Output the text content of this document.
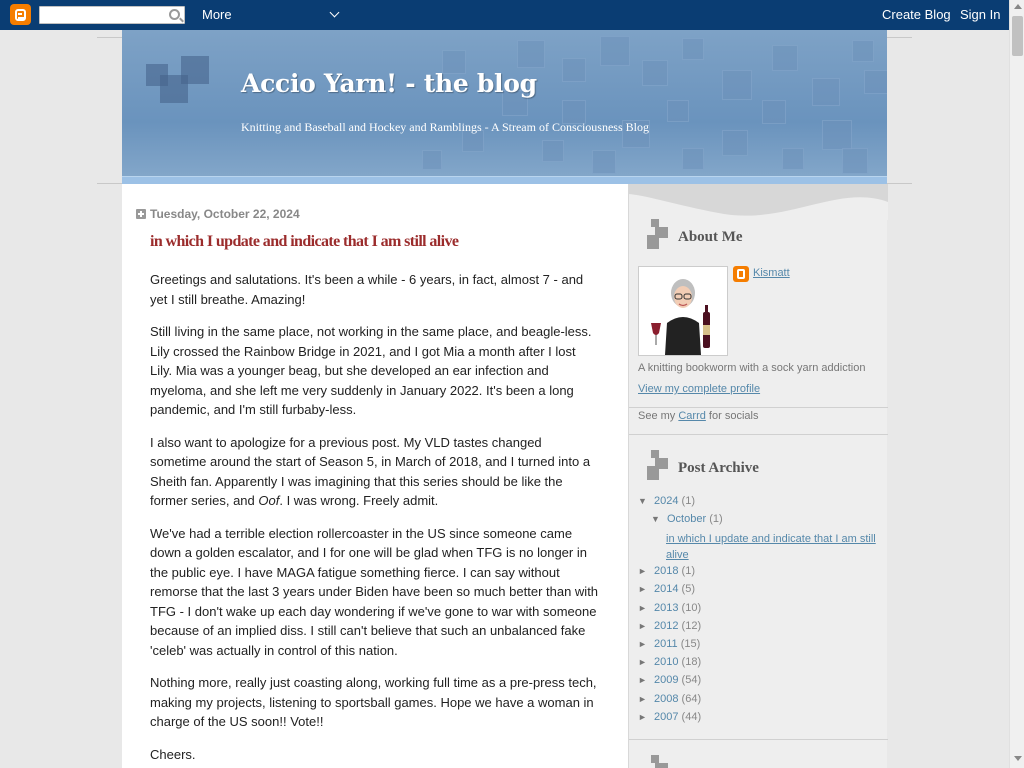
More	Create Blog Sign In
Accio Yarn! - the blog
Knitting and Baseball and Hockey and Ramblings - A Stream of Consciousness Blog
Tuesday, October 22, 2024
in which I update and indicate that I am still alive

Greetings and salutations. It's been a while - 6 years, in fact, almost 7 - and yet I still breathe. Amazing!

Still living in the same place, not working in the same place, and beagle-less. Lily crossed the Rainbow Bridge in 2021, and I got Mia a month after I lost Lily. Mia was a younger beag, but she developed an ear infection and myeloma, and she left me very suddenly in January 2022. It's been a long pandemic, and I'm still furbaby-less.

I also want to apologize for a previous post. My VLD tastes changed sometime around the start of Season 5, in March of 2018, and I turned into a Sheith fan. Apparently I was imagining that this series should be like the former series, and Oof. I was wrong. Freely admit.

We've had a terrible election rollercoaster in the US since someone came down a golden escalator, and I for one will be glad when TFG is no longer in the public eye. I have MAGA fatigue something fierce. I can say without remorse that the last 3 years under Biden have been so much better than with TFG - I don't wake up each day wondering if we've gone to war with someone because of an implied diss. I still can't believe that such an unbalanced fake 'celeb' was actually in control of this nation.

Nothing more, really just coasting along, working full time as a pre-press tech, making my projects, listening to sportsball games. Hope we have a woman in charge of the US soon!! Vote!!

Cheers.

About Me
Kismatt
A knitting bookworm with a sock yarn addiction
View my complete profile
See my Carrd for socials
Post Archive
▼ 2024 (1)
▼ October (1)
in which I update and indicate that I am still alive
► 2018 (1)
► 2014 (5)
► 2013 (10)
► 2012 (12)
► 2011 (15)
► 2010 (18)
► 2009 (54)
► 2008 (64)
► 2007 (44)
